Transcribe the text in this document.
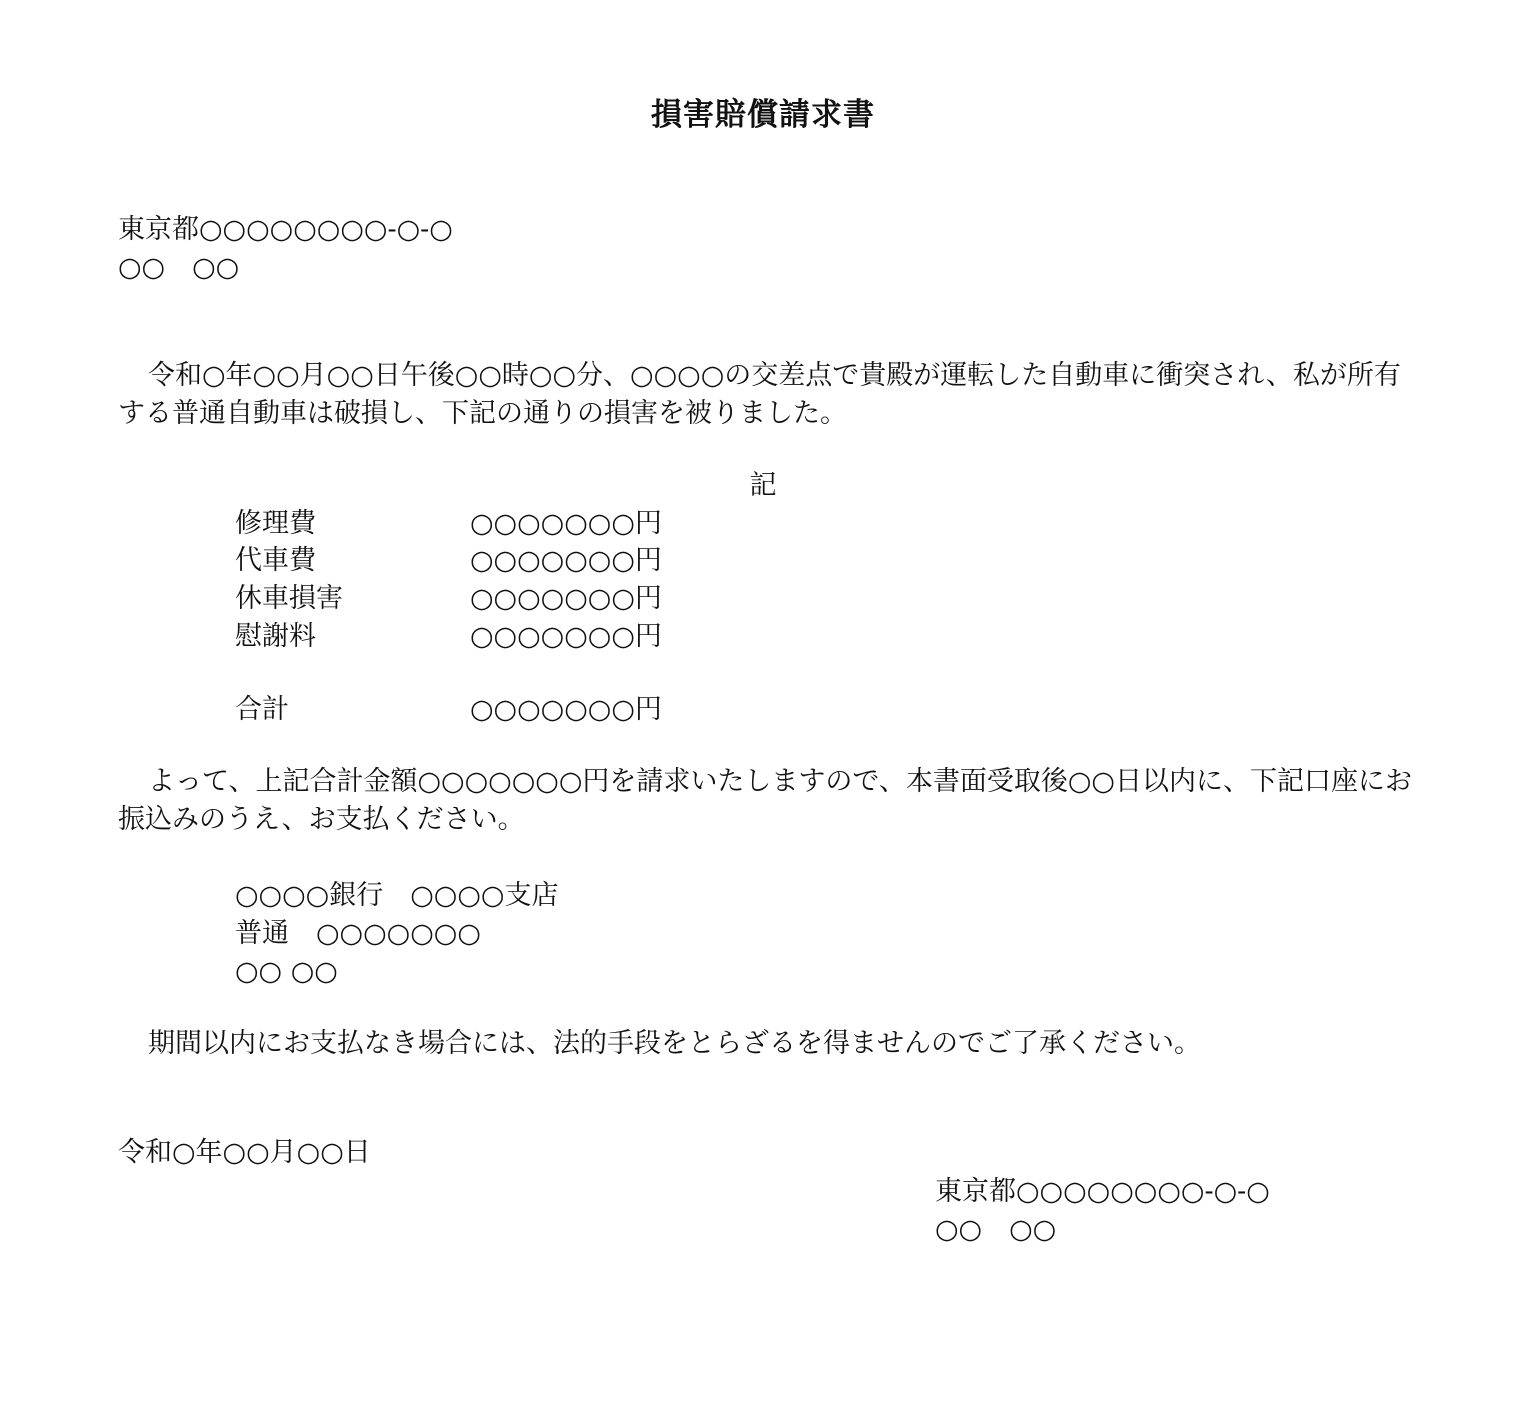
損害賠償請求書
東京都○○○○○○○○‐○‐○
○○　○○

令和○年○○月○○日午後○○時○○分、○○○○の交差点で貴殿が運転した自動車に衝突され、私が所有する普通自動車は破損し、下記の通りの損害を被りました。

記
修理費	○○○○○○○円
代車費	○○○○○○○円
休車損害	○○○○○○○円
慰謝料	○○○○○○○円
合計	○○○○○○○円

よって、上記合計金額○○○○○○○円を請求いたしますので、本書面受取後○○日以内に、下記口座にお振込みのうえ、お支払ください。

○○○○銀行　○○○○支店
普通　○○○○○○○
○○ ○○

期間以内にお支払なき場合には、法的手段をとらざるを得ませんのでご了承ください。

令和○年○○月○○日
東京都○○○○○○○○‐○‐○
○○　○○
